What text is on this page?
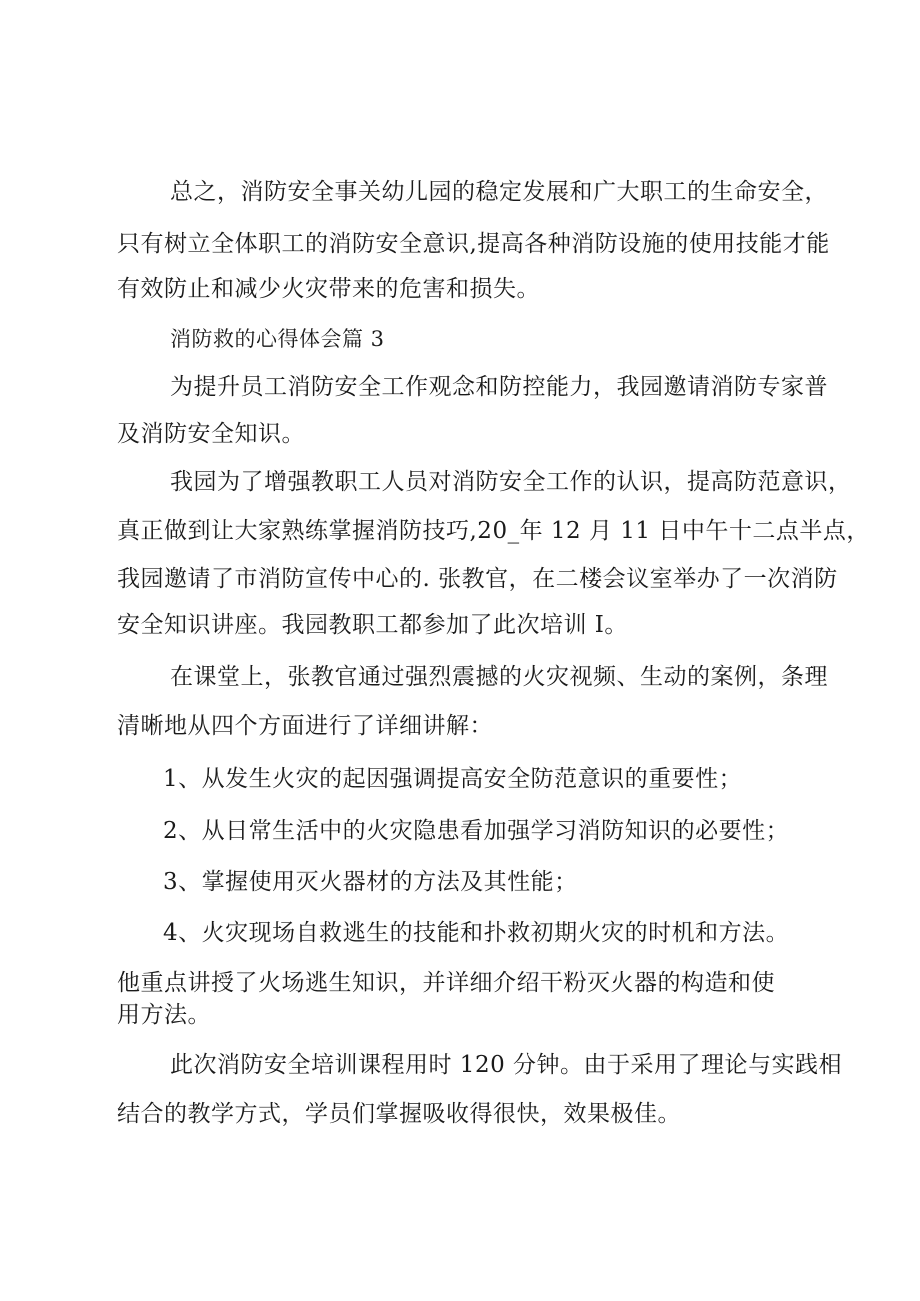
总之，消防安全事关幼儿园的稳定发展和广大职工的生命安全，
只有树立全体职工的消防安全意识,提高各种消防设施的使用技能才能
有效防止和减少火灾带来的危害和损失。
消防救的心得体会篇 3
为提升员工消防安全工作观念和防控能力，我园邀请消防专家普
及消防安全知识。
我园为了增强教职工人员对消防安全工作的认识，提高防范意识，
真正做到让大家熟练掌握消防技巧,20_年 12 月 11 日中午十二点半点，
我园邀请了市消防宣传中心的. 张教官，在二楼会议室举办了一次消防
安全知识讲座。我园教职工都参加了此次培训 I。
在课堂上，张教官通过强烈震撼的火灾视频、生动的案例，条理
清晰地从四个方面进行了详细讲解：
1、从发生火灾的起因强调提高安全防范意识的重要性；
2、从日常生活中的火灾隐患看加强学习消防知识的必要性；
3、掌握使用灭火器材的方法及其性能；
4、火灾现场自救逃生的技能和扑救初期火灾的时机和方法。
他重点讲授了火场逃生知识，并详细介绍干粉灭火器的构造和使
用方法。
此次消防安全培训课程用时 120 分钟。由于采用了理论与实践相
结合的教学方式，学员们掌握吸收得很快，效果极佳。
